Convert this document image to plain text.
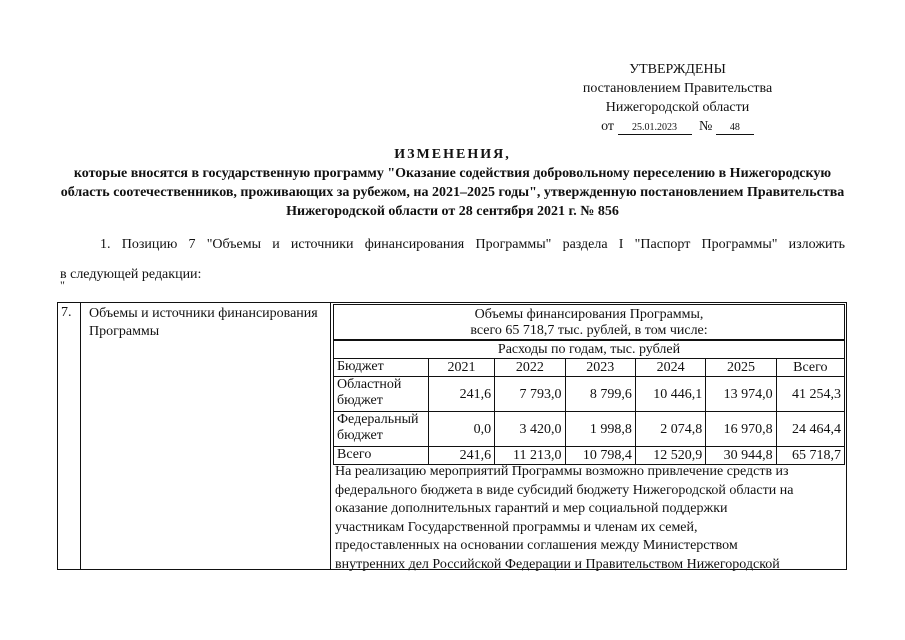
УТВЕРЖДЕНЫ
постановлением Правительства
Нижегородской области
от 25.01.2023 № 48
ИЗМЕНЕНИЯ,
которые вносятся в государственную программу "Оказание содействия добровольному переселению в Нижегородскую область соотечественников, проживающих за рубежом, на 2021–2025 годы", утвержденную постановлением Правительства Нижегородской области от 28 сентября 2021 г. № 856
1. Позицию 7 "Объемы и источники финансирования Программы" раздела I "Паспорт Программы" изложить
в следующей редакции:
"
7.	Объемы и источники финансирования Программы
Объемы финансирования Программы,
всего 65 718,7 тыс. рублей, в том числе:
Расходы по годам, тыс. рублей						
Бюджет	2021	2022	2023	2024	2025	Всего
Областной бюджет	241,6	7 793,0	8 799,6	10 446,1	13 974,0	41 254,3
Федеральный бюджет	0,0	3 420,0	1 998,8	2 074,8	16 970,8	24 464,4
Всего	241,6	11 213,0	10 798,4	12 520,9	30 944,8	65 718,7
На реализацию мероприятий Программы возможно привлечение средств из
федерального бюджета в виде субсидий бюджету Нижегородской области на
оказание дополнительных гарантий и мер социальной поддержки
участникам Государственной программы и членам их семей,
предоставленных на основании соглашения между Министерством
внутренних дел Российской Федерации и Правительством Нижегородской
